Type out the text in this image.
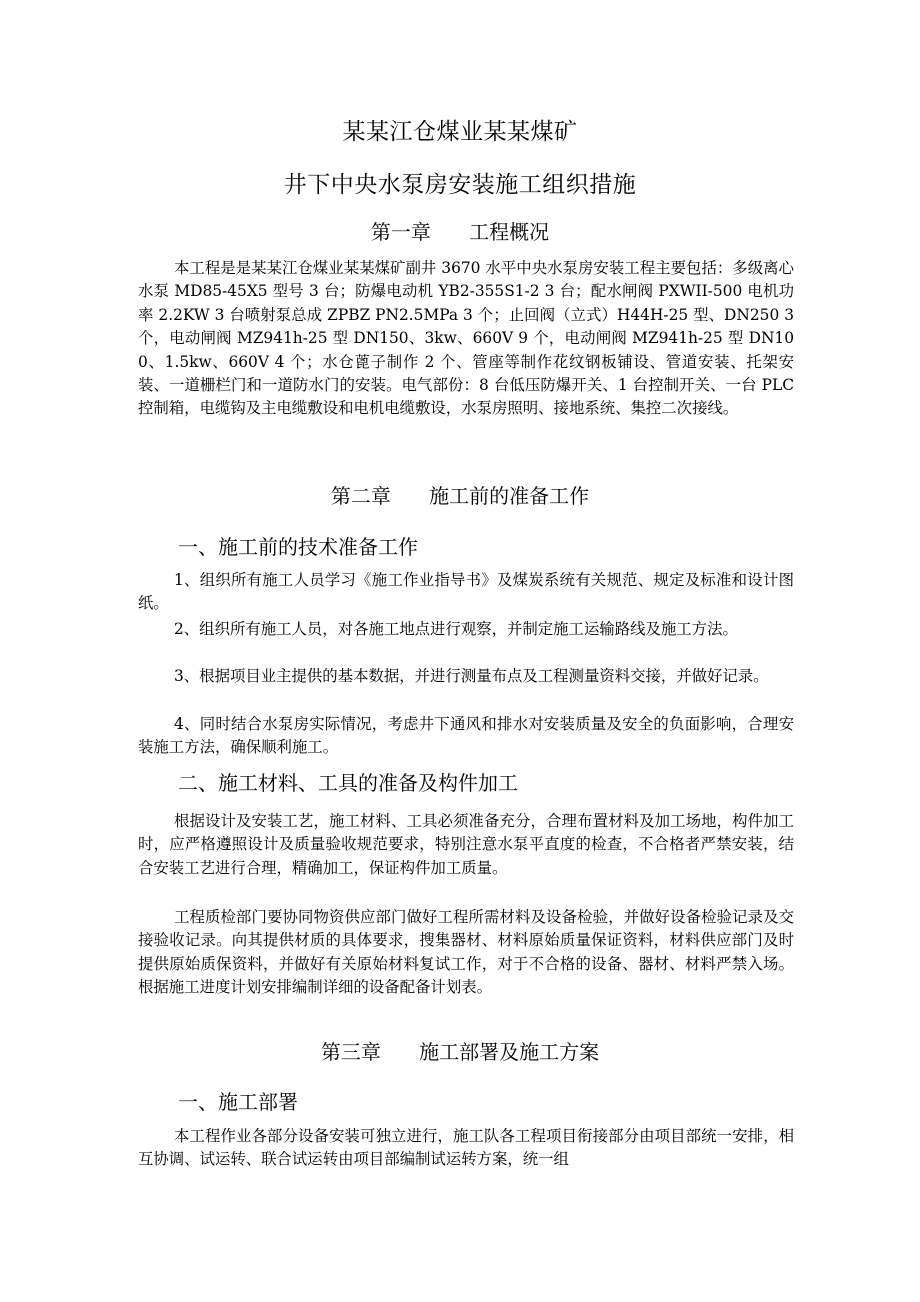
某某江仓煤业某某煤矿
井下中央水泵房安装施工组织措施
第一章      工程概况

本工程是是某某江仓煤业某某煤矿副井 3670 水平中央水泵房安装工程主要包括：多级离心水泵 MD85-45X5 型号 3 台；防爆电动机 YB2-355S1-2 3 台；配水闸阀 PXWII-500 电机功率 2.2KW 3 台喷射泵总成 ZPBZ PN2.5MPa 3 个；止回阀（立式）H44H-25 型、DN250 3 个，电动闸阀 MZ941h-25 型 DN150、3kw、660V 9 个，电动闸阀 MZ941h-25 型 DN100、1.5kw、660V 4 个；水仓蓖子制作 2 个、管座等制作花纹钢板铺设、管道安装、托架安装、一道栅栏门和一道防水门的安装。电气部份：8 台低压防爆开关、1 台控制开关、一台 PLC 控制箱，电缆钩及主电缆敷设和电机电缆敷设，水泵房照明、接地系统、集控二次接线。

第二章      施工前的准备工作
一、施工前的技术准备工作

1、组织所有施工人员学习《施工作业指导书》及煤炭系统有关规范、规定及标准和设计图纸。

2、组织所有施工人员，对各施工地点进行观察，并制定施工运输路线及施工方法。

3、根据项目业主提供的基本数据，并进行测量布点及工程测量资料交接，并做好记录。

4、同时结合水泵房实际情况，考虑井下通风和排水对安装质量及安全的负面影响，合理安装施工方法，确保顺利施工。

二、施工材料、工具的准备及构件加工

根据设计及安装工艺，施工材料、工具必须准备充分，合理布置材料及加工场地，构件加工时，应严格遵照设计及质量验收规范要求，特别注意水泵平直度的检查，不合格者严禁安装，结合安装工艺进行合理，精确加工，保证构件加工质量。

工程质检部门要协同物资供应部门做好工程所需材料及设备检验，并做好设备检验记录及交接验收记录。向其提供材质的具体要求，搜集器材、材料原始质量保证资料，材料供应部门及时提供原始质保资料，并做好有关原始材料复试工作，对于不合格的设备、器材、材料严禁入场。根据施工进度计划安排编制详细的设备配备计划表。

第三章      施工部署及施工方案
一、施工部署

本工程作业各部分设备安装可独立进行，施工队各工程项目衔接部分由项目部统一安排，相互协调、试运转、联合试运转由项目部编制试运转方案，统一组
